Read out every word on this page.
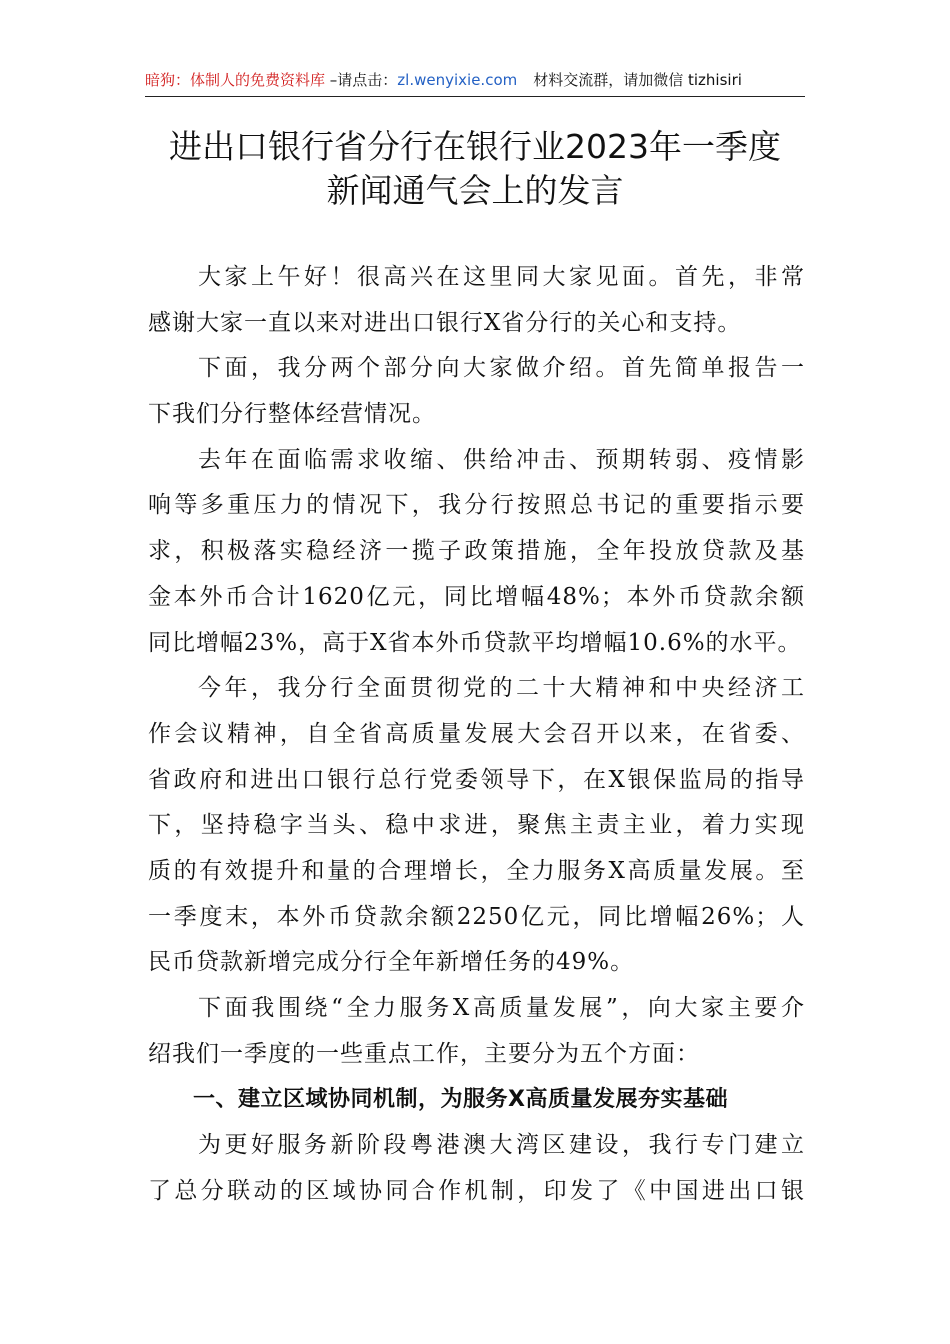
暗狗：体制人的免费资料库 –请点击：zl.wenyixie.com 材料交流群，请加微信 tizhisiri
进出口银行省分行在银行业2023年一季度
新闻通气会上的发言
大家上午好！很高兴在这里同大家见面。首先，非常
感谢大家一直以来对进出口银行X省分行的关心和支持。
下面，我分两个部分向大家做介绍。首先简单报告一
下我们分行整体经营情况。
去年在面临需求收缩、供给冲击、预期转弱、疫情影
响等多重压力的情况下，我分行按照总书记的重要指示要
求，积极落实稳经济一揽子政策措施，全年投放贷款及基
金本外币合计1620亿元，同比增幅48%；本外币贷款余额
同比增幅23%，高于X省本外币贷款平均增幅10.6%的水平。
今年，我分行全面贯彻党的二十大精神和中央经济工
作会议精神，自全省高质量发展大会召开以来，在省委、
省政府和进出口银行总行党委领导下，在X银保监局的指导
下，坚持稳字当头、稳中求进，聚焦主责主业，着力实现
质的有效提升和量的合理增长，全力服务X高质量发展。至
一季度末，本外币贷款余额2250亿元，同比增幅26%；人
民币贷款新增完成分行全年新增任务的49%。
下面我围绕“全力服务X高质量发展”，向大家主要介
绍我们一季度的一些重点工作，主要分为五个方面：
一、建立区域协同机制，为服务X高质量发展夯实基础
为更好服务新阶段粤港澳大湾区建设，我行专门建立
了总分联动的区域协同合作机制，印发了《中国进出口银
